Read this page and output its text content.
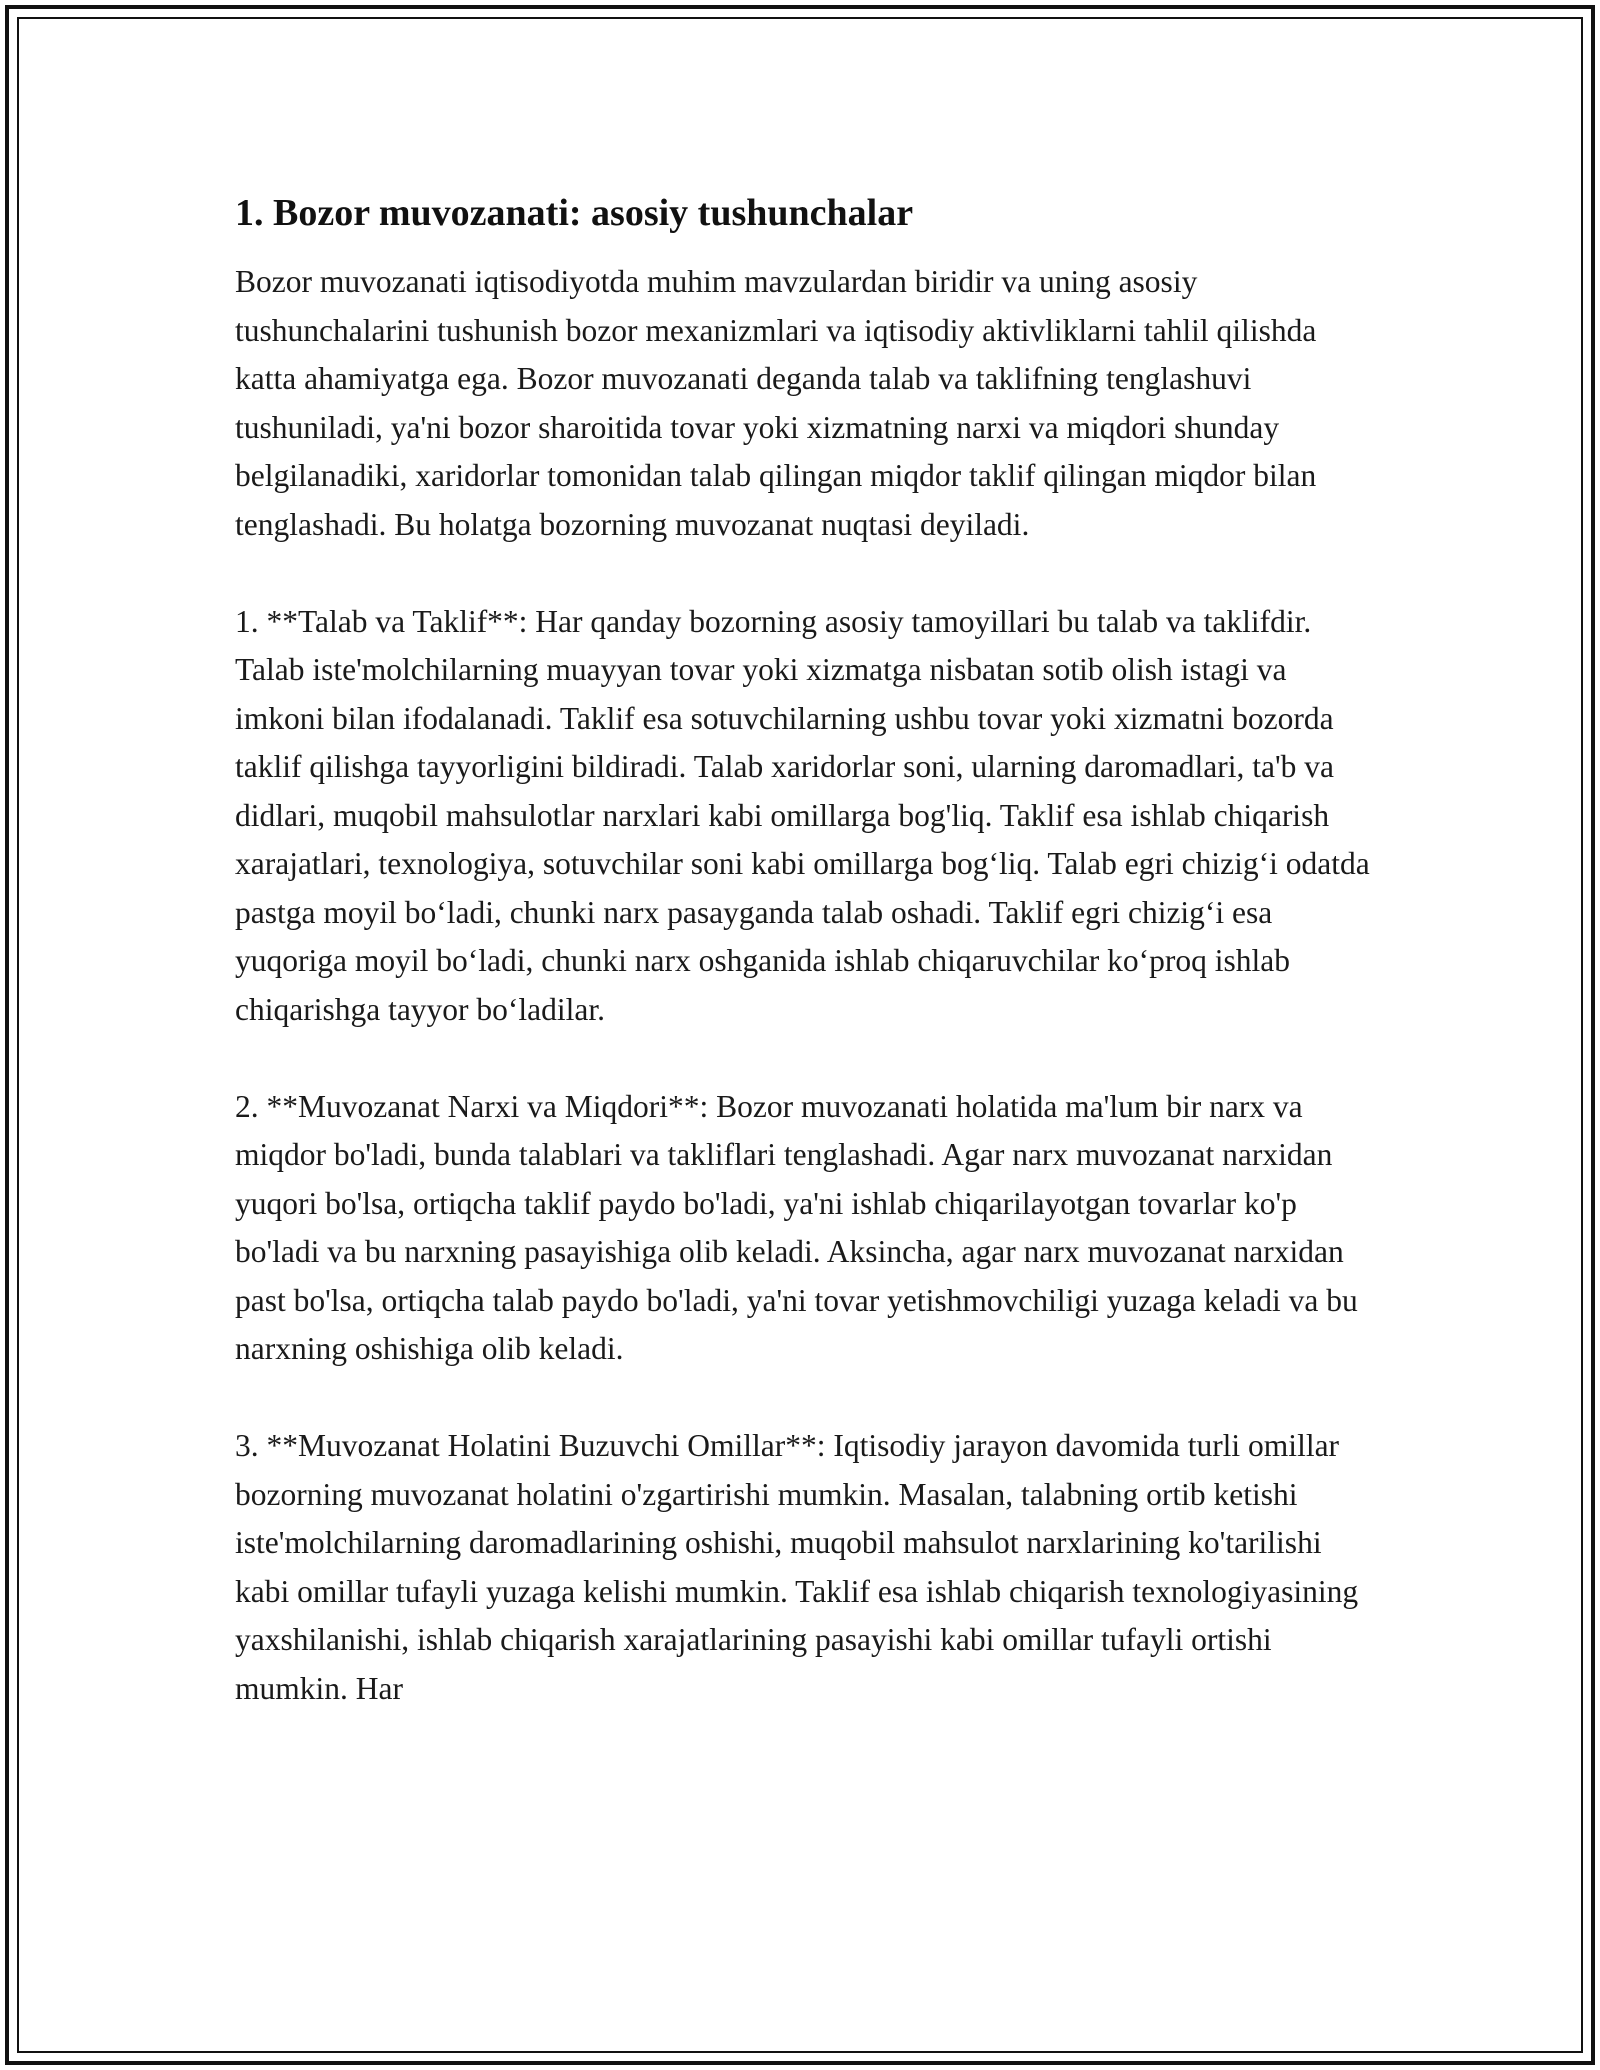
1. Bozor muvozanati: asosiy tushunchalar

Bozor muvozanati iqtisodiyotda muhim mavzulardan biridir va uning asosiy tushunchalarini tushunish bozor mexanizmlari va iqtisodiy aktivliklarni tahlil qilishda katta ahamiyatga ega. Bozor muvozanati deganda talab va taklifning tenglashuvi tushuniladi, ya'ni bozor sharoitida tovar yoki xizmatning narxi va miqdori shunday belgilanadiki, xaridorlar tomonidan talab qilingan miqdor taklif qilingan miqdor bilan tenglashadi. Bu holatga bozorning muvozanat nuqtasi deyiladi.

1. **Talab va Taklif**: Har qanday bozorning asosiy tamoyillari bu talab va taklifdir. Talab iste'molchilarning muayyan tovar yoki xizmatga nisbatan sotib olish istagi va imkoni bilan ifodalanadi. Taklif esa sotuvchilarning ushbu tovar yoki xizmatni bozorda taklif qilishga tayyorligini bildiradi. Talab xaridorlar soni, ularning daromadlari, ta'b va didlari, muqobil mahsulotlar narxlari kabi omillarga bog'liq. Taklif esa ishlab chiqarish xarajatlari, texnologiya, sotuvchilar soni kabi omillarga bog‘liq. Talab egri chizig‘i odatda pastga moyil bo‘ladi, chunki narx pasayganda talab oshadi. Taklif egri chizig‘i esa yuqoriga moyil bo‘ladi, chunki narx oshganida ishlab chiqaruvchilar ko‘proq ishlab chiqarishga tayyor bo‘ladilar.

2. **Muvozanat Narxi va Miqdori**: Bozor muvozanati holatida ma'lum bir narx va miqdor bo'ladi, bunda talablari va takliflari tenglashadi. Agar narx muvozanat narxidan yuqori bo'lsa, ortiqcha taklif paydo bo'ladi, ya'ni ishlab chiqarilayotgan tovarlar ko'p bo'ladi va bu narxning pasayishiga olib keladi. Aksincha, agar narx muvozanat narxidan past bo'lsa, ortiqcha talab paydo bo'ladi, ya'ni tovar yetishmovchiligi yuzaga keladi va bu narxning oshishiga olib keladi.

3. **Muvozanat Holatini Buzuvchi Omillar**: Iqtisodiy jarayon davomida turli omillar bozorning muvozanat holatini o'zgartirishi mumkin. Masalan, talabning ortib ketishi iste'molchilarning daromadlarining oshishi, muqobil mahsulot narxlarining ko'tarilishi kabi omillar tufayli yuzaga kelishi mumkin. Taklif esa ishlab chiqarish texnologiyasining yaxshilanishi, ishlab chiqarish xarajatlarining pasayishi kabi omillar tufayli ortishi mumkin. Har
